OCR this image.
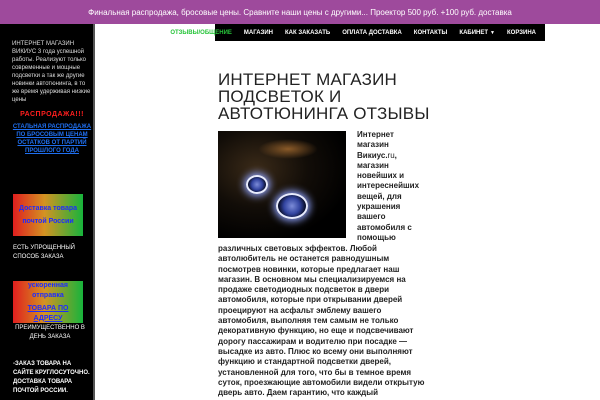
Финальная распродажа, бросовые цены. Сравните наши цены с другими... Проектор 500 руб. +100 руб. доставка
ОТЗЫВЫ/ОБЩЕНИЕ	МАГАЗИН	КАК ЗАКАЗАТЬ	ОПЛАТА ДОСТАВКА	КОНТАКТЫ	КАБИНЕТ ▼	КОРЗИНА
ИНТЕРНЕТ МАГАЗИН ВИКИУС 3 года успешной работы. Реализуют только современные и мощные подсветки а так же другие новинки автотюнинга, в то же время удерживая низкие цены
РАСПРОДАЖА!!!
СТАЛЬНАЯ РАСПРОДАЖА ПО БРОСОВЫМ ЦЕНАМ ОСТАТКОВ ОТ ПАРТИЙ ПРОШЛОГО ГОДА
Доставка товара
почтой России
ЕСТЬ УПРОЩЕННЫЙ СПОСОБ ЗАКАЗА
ускоренная отправка
ТОВАРА ПО АДРЕСУ
ПРЕИМУЩЕСТВЕННО В ДЕНЬ ЗАКАЗА
-ЗАКАЗ ТОВАРА НА САЙТЕ КРУГЛОСУТОЧНО. ДОСТАВКА ТОВАРА ПОЧТОЙ РОССИИ.
ИНТЕРНЕТ МАГАЗИН ПОДСВЕТОК И АВТОТЮНИНГА ОТЗЫВЫ
Интернет магазин Викиус.ru, магазин новейших и интереснейших вещей, для украшения вашего автомобиля с помощью
различных световых эффектов. Любой автолюбитель не останется равнодушным посмотрев новинки, которые предлагает наш магазин. В основном мы специализируемся на продаже светодиодных подсветок в двери автомобиля, которые при открывании дверей проецируют на асфальт эмблему вашего автомобиля, выполняя тем самым не только декоративную функцию, но еще и подсвечивают дорогу пассажирам и водителю при посадке — высадке из авто. Плюс ко всему они выполняют функцию и стандартной подсветки дверей, установленной для того, что бы в темное время суток, проезжающие автомобили видели открытую дверь авто. Даем гарантию, что каждый
